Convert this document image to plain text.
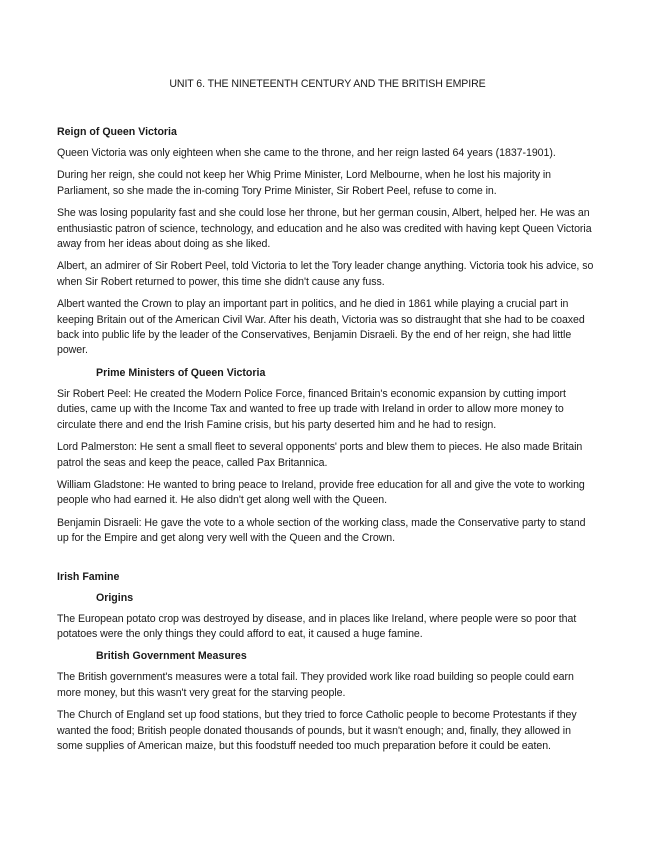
UNIT 6. THE NINETEENTH CENTURY AND THE BRITISH EMPIRE
Reign of Queen Victoria

Queen Victoria was only eighteen when she came to the throne, and her reign lasted 64 years (1837-1901).

During her reign, she could not keep her Whig Prime Minister, Lord Melbourne, when he lost his majority in Parliament, so she made the in-coming Tory Prime Minister, Sir Robert Peel, refuse to come in.

She was losing popularity fast and she could lose her throne, but her german cousin, Albert, helped her. He was an enthusiastic patron of science, technology, and education and he also was credited with having kept Queen Victoria away from her ideas about doing as she liked.

Albert, an admirer of Sir Robert Peel, told Victoria to let the Tory leader change anything. Victoria took his advice, so when Sir Robert returned to power, this time she didn't cause any fuss.

Albert wanted the Crown to play an important part in politics, and he died in 1861 while playing a crucial part in keeping Britain out of the American Civil War. After his death, Victoria was so distraught that she had to be coaxed back into public life by the leader of the Conservatives, Benjamin Disraeli. By the end of her reign, she had little power.

Prime Ministers of Queen Victoria

Sir Robert Peel: He created the Modern Police Force, financed Britain's economic expansion by cutting import duties, came up with the Income Tax and wanted to free up trade with Ireland in order to allow more money to circulate there and end the Irish Famine crisis, but his party deserted him and he had to resign.

Lord Palmerston: He sent a small fleet to several opponents' ports and blew them to pieces. He also made Britain patrol the seas and keep the peace, called Pax Britannica.

William Gladstone: He wanted to bring peace to Ireland, provide free education for all and give the vote to working people who had earned it. He also didn't get along well with the Queen.

Benjamin Disraeli: He gave the vote to a whole section of the working class, made the Conservative party to stand up for the Empire and get along very well with the Queen and the Crown.

Irish Famine
Origins

The European potato crop was destroyed by disease, and in places like Ireland, where people were so poor that potatoes were the only things they could afford to eat, it caused a huge famine.

British Government Measures

The British government's measures were a total fail. They provided work like road building so people could earn more money, but this wasn't very great for the starving people.

The Church of England set up food stations, but they tried to force Catholic people to become Protestants if they wanted the food; British people donated thousands of pounds, but it wasn't enough; and, finally, they allowed in some supplies of American maize, but this foodstuff needed too much preparation before it could be eaten.
